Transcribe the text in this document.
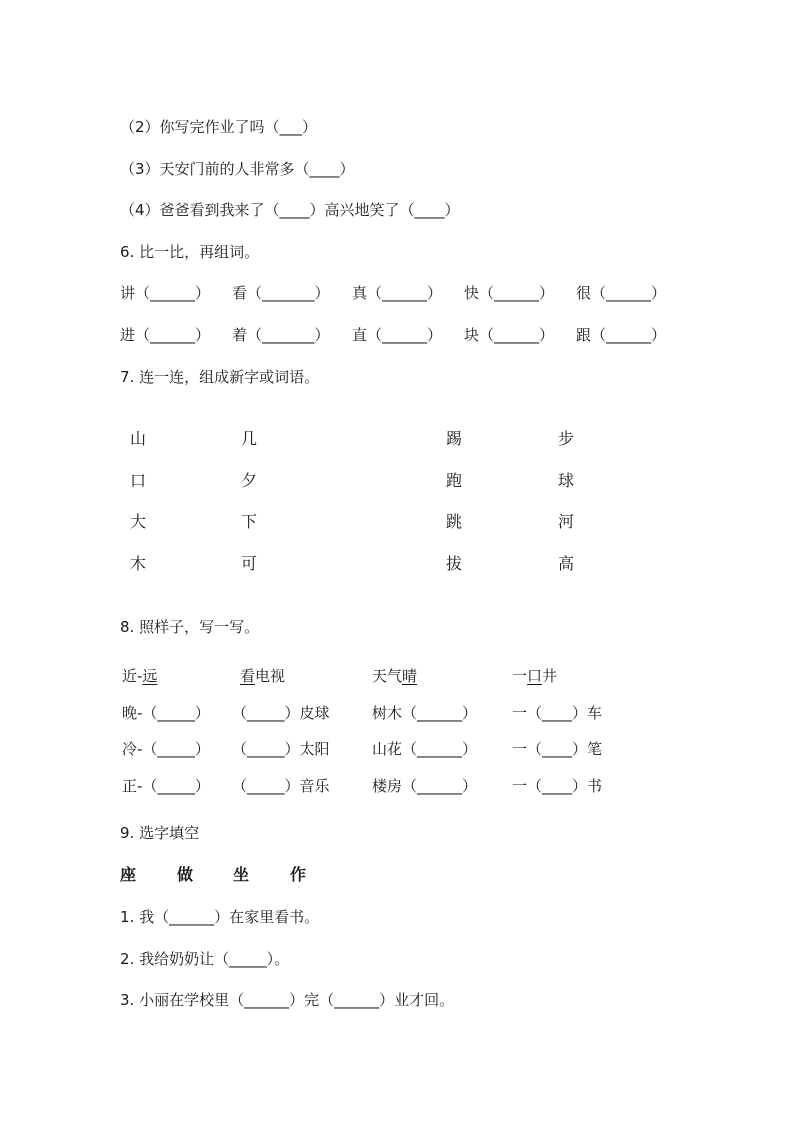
（2）你写完作业了吗（___）
（3）天安门前的人非常多（____）
（4）爸爸看到我来了（____）高兴地笑了（____）
6. 比一比，再组词。
讲（______） 看（_______） 真（______） 快（______） 很（______）
进（______） 着（_______） 直（______） 块（______） 跟（______）
7. 连一连，组成新字或词语。
山	几	踢	步
口	夕	跑	球
大	下	跳	河
木	可	拔	高
8. 照样子，写一写。
近-远	看电视	天气晴	一口井
晚-（_____） （_____）皮球	树木（______） 一（____）车
冷-（_____） （_____）太阳	山花（______） 一（____）笔
正-（_____） （_____）音乐	楼房（______） 一（____）书
9. 选字填空
座	做 坐	作
1. 我（______）在家里看书。
2. 我给奶奶让（_____）。
3. 小丽在学校里（______）完（______）业才回。
